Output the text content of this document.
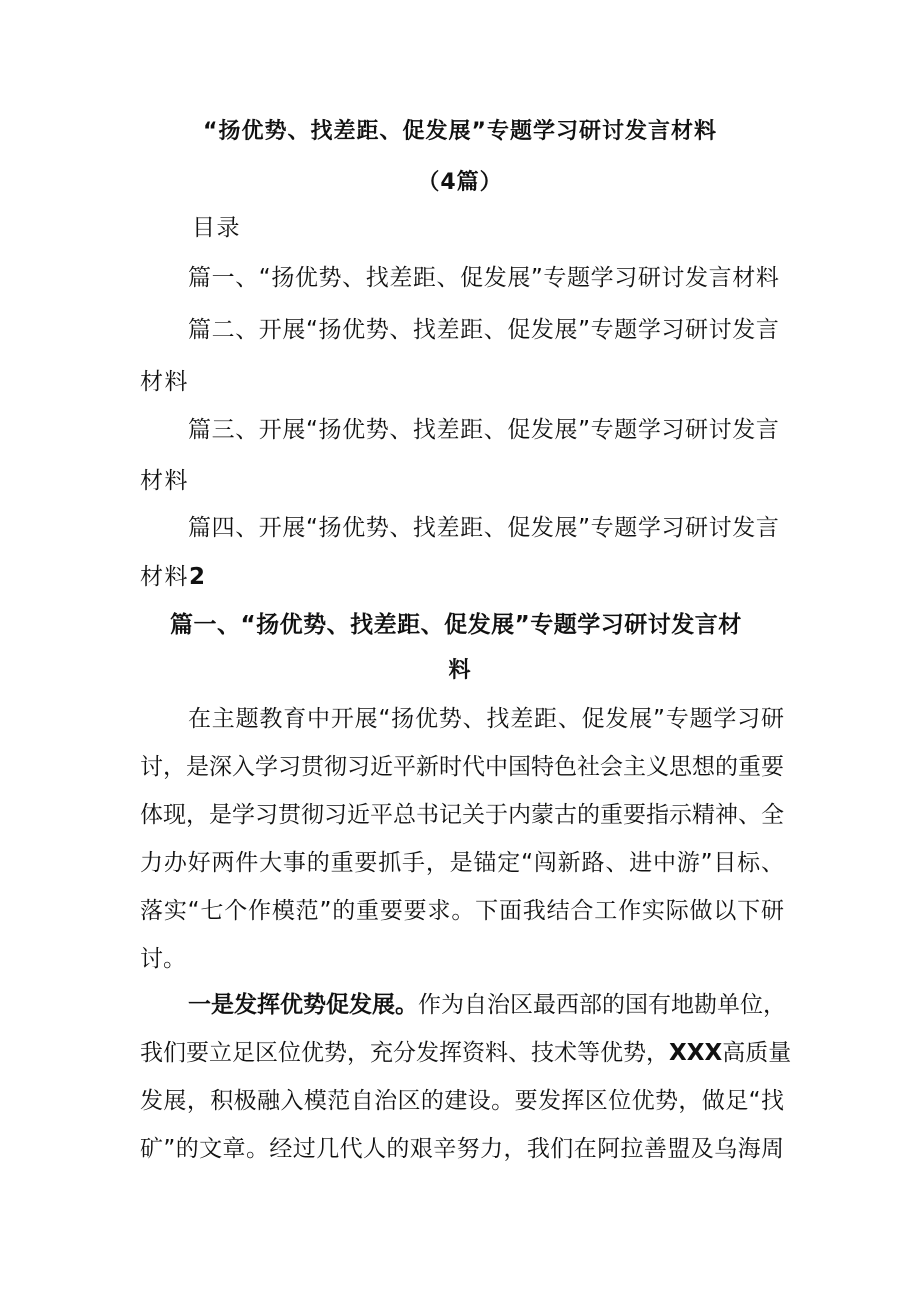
“扬优势、找差距、促发展”专题学习研讨发言材料
（4篇）
目录
篇一、“扬优势、找差距、促发展”专题学习研讨发言材料
篇二、开展“扬优势、找差距、促发展”专题学习研讨发言
材料
篇三、开展“扬优势、找差距、促发展”专题学习研讨发言
材料
篇四、开展“扬优势、找差距、促发展”专题学习研讨发言
材料2
篇一、“扬优势、找差距、促发展”专题学习研讨发言材
料
在主题教育中开展“扬优势、找差距、促发展”专题学习研
讨，是深入学习贯彻习近平新时代中国特色社会主义思想的重要
体现，是学习贯彻习近平总书记关于内蒙古的重要指示精神、全
力办好两件大事的重要抓手，是锚定“闯新路、进中游”目标、
落实“七个作模范”的重要要求。下面我结合工作实际做以下研
讨。
一是发挥优势促发展。作为自治区最西部的国有地勘单位，
我们要立足区位优势，充分发挥资料、技术等优势，XXX高质量
发展，积极融入模范自治区的建设。要发挥区位优势，做足“找
矿”的文章。经过几代人的艰辛努力，我们在阿拉善盟及乌海周
